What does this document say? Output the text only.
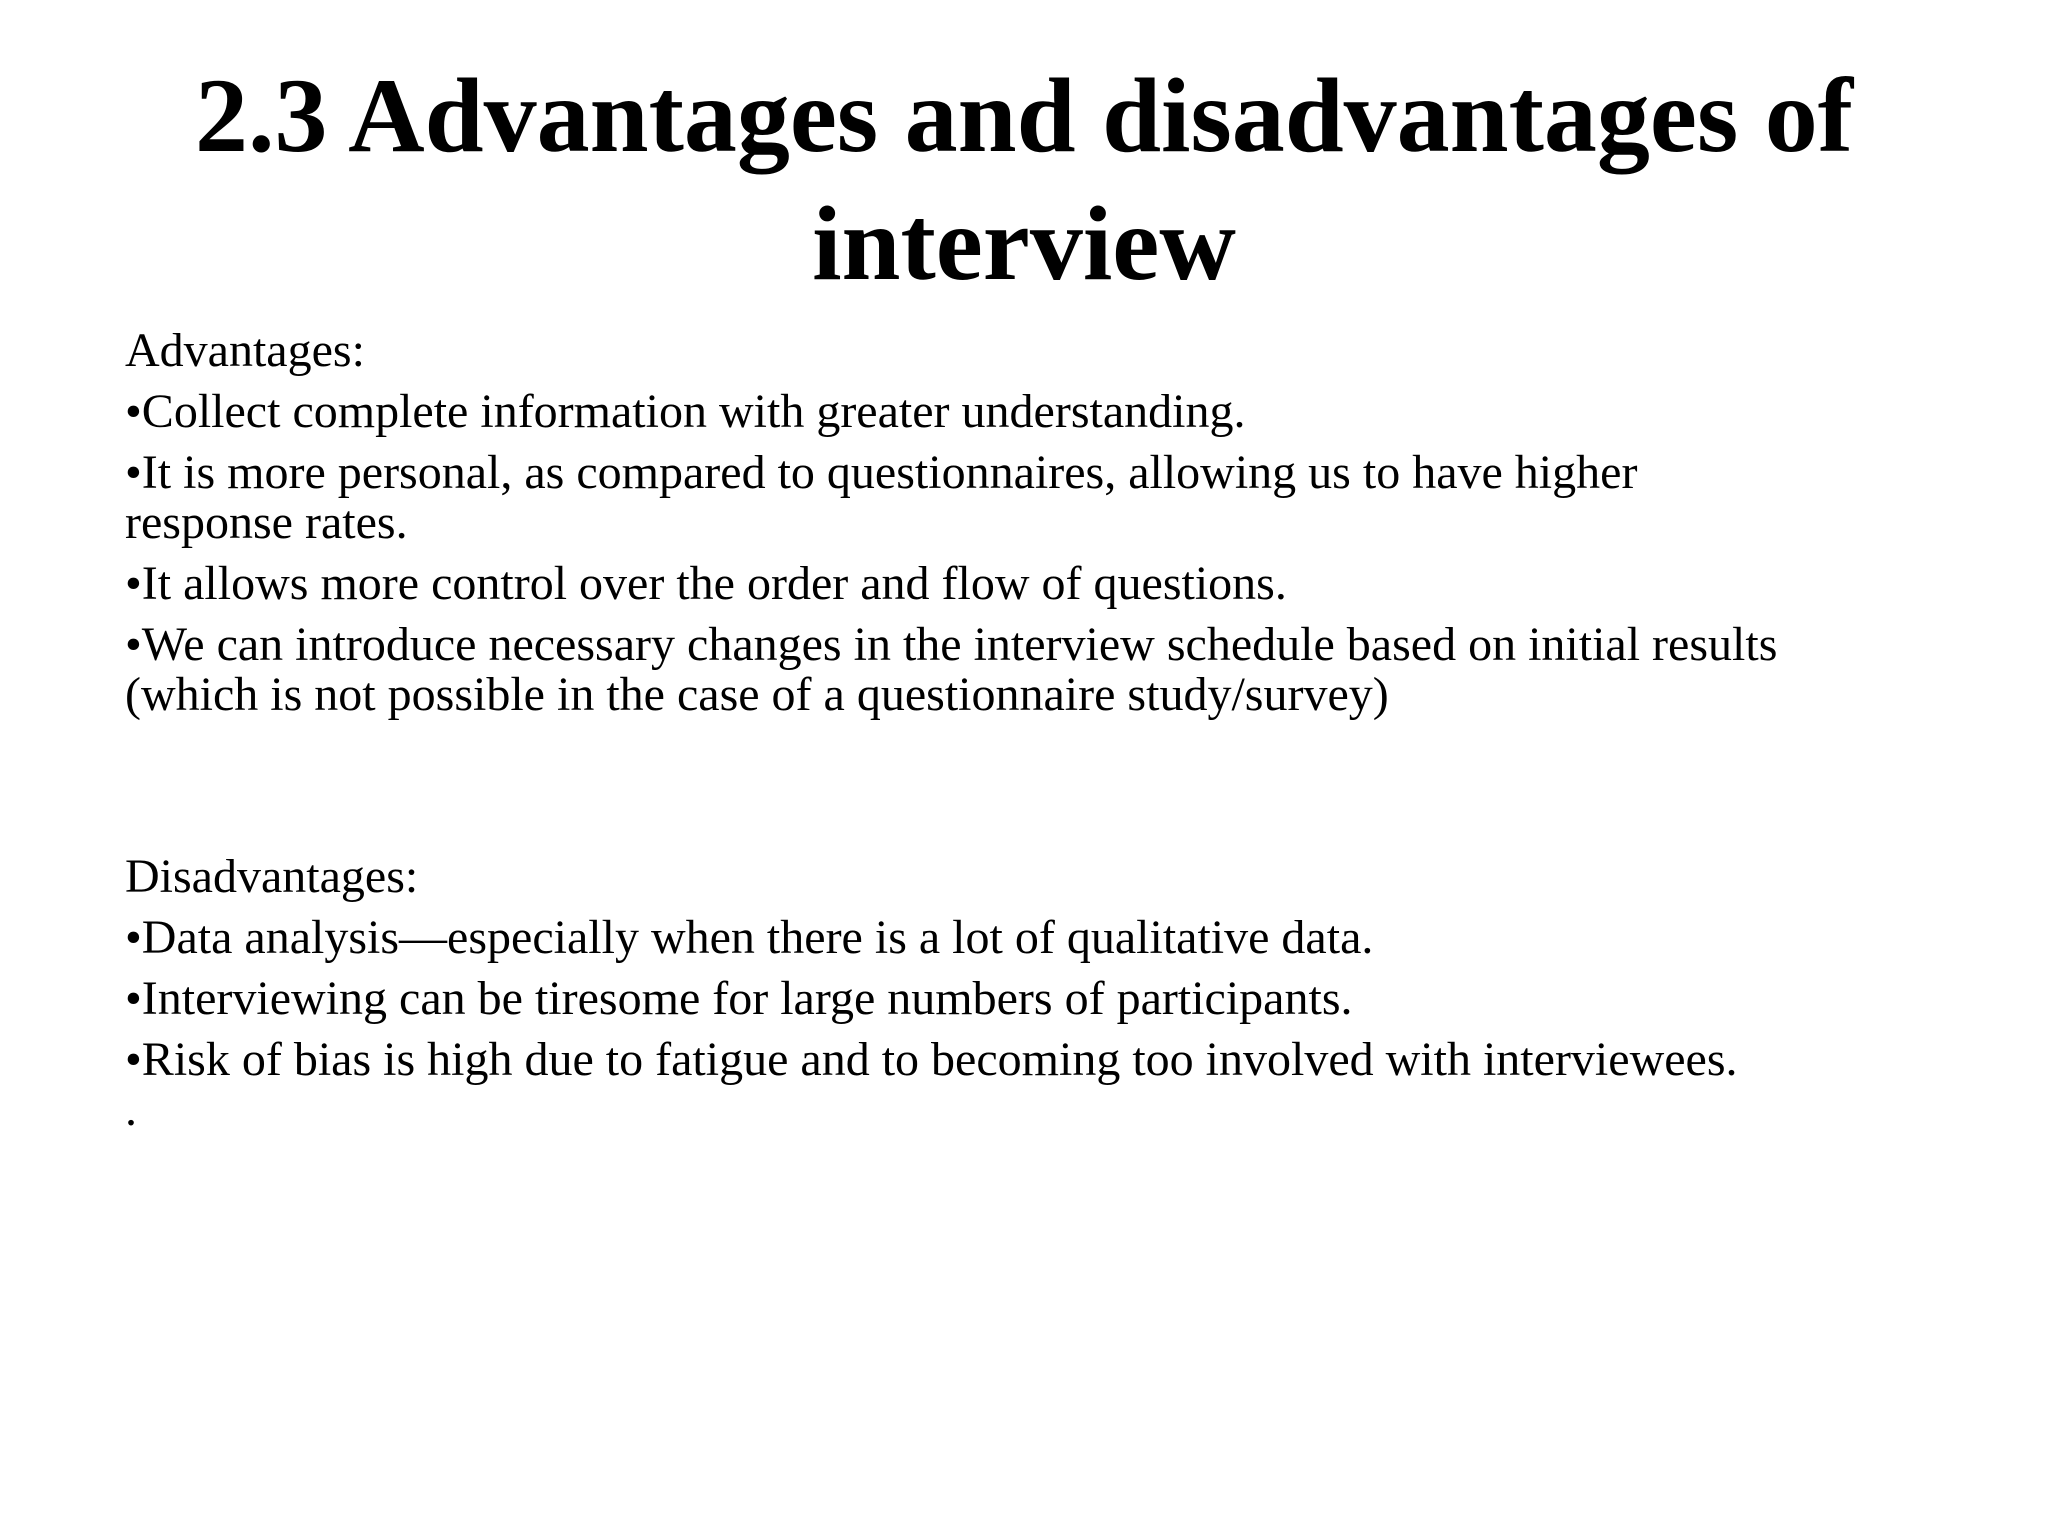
2.3 Advantages and disadvantages of
interview

Advantages:

•Collect complete information with greater understanding.

•It is more personal, as compared to questionnaires, allowing us to have higher

response rates.

•It allows more control over the order and flow of questions.

•We can introduce necessary changes in the interview schedule based on initial results

(which is not possible in the case of a questionnaire study/survey)

Disadvantages:

•Data analysis—especially when there is a lot of qualitative data.

•Interviewing can be tiresome for large numbers of participants.

•Risk of bias is high due to fatigue and to becoming too involved with interviewees.

.
